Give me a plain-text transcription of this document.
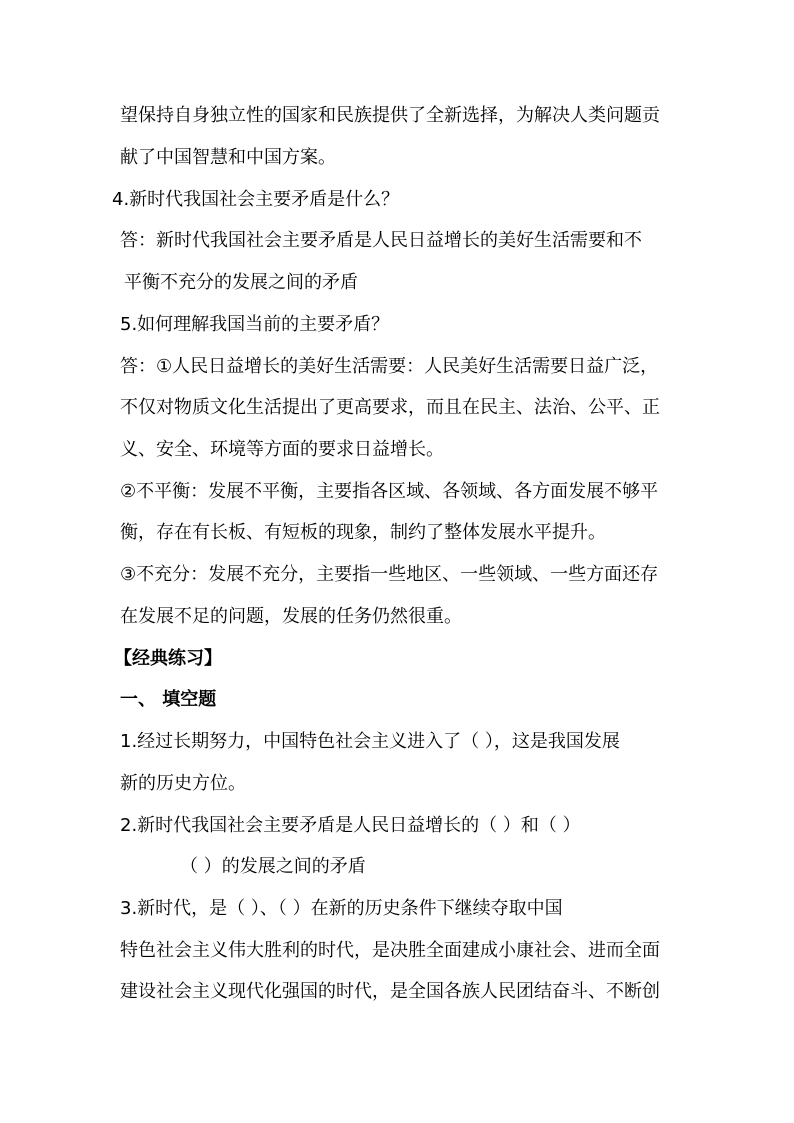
望保持自身独立性的国家和民族提供了全新选择，为解决人类问题贡
献了中国智慧和中国方案。
4.新时代我国社会主要矛盾是什么？
答：新时代我国社会主要矛盾是人民日益增长的美好生活需要和不
平衡不充分的发展之间的矛盾
5.如何理解我国当前的主要矛盾？
答：①人民日益增长的美好生活需要：人民美好生活需要日益广泛，
不仅对物质文化生活提出了更高要求，而且在民主、法治、公平、正
义、安全、环境等方面的要求日益增长。
②不平衡：发展不平衡，主要指各区域、各领域、各方面发展不够平
衡，存在有长板、有短板的现象，制约了整体发展水平提升。
③不充分：发展不充分，主要指一些地区、一些领域、一些方面还存
在发展不足的问题，发展的任务仍然很重。
【经典练习】
一、 填空题
1.经过长期努力，中国特色社会主义进入了（ ），这是我国发展
新的历史方位。
2.新时代我国社会主要矛盾是人民日益增长的（ ）和（ ）
（ ）的发展之间的矛盾
3.新时代，是（ ）、（ ）在新的历史条件下继续夺取中国
特色社会主义伟大胜利的时代，是决胜全面建成小康社会、进而全面
建设社会主义现代化强国的时代，是全国各族人民团结奋斗、不断创
